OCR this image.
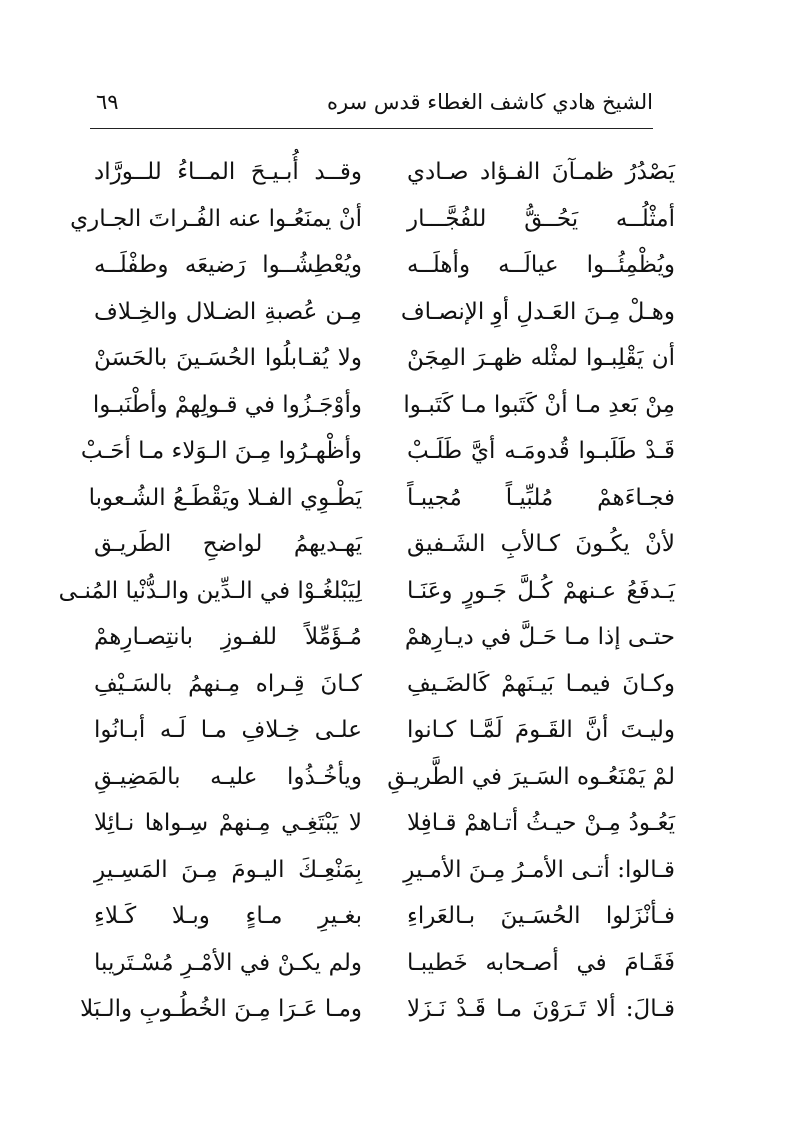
الشيخ هادي كاشف الغطاء قدس سره
٦٩
يَصْدُرُ ظمـآنَ الفـؤاد صـادي
وقــد أُبـيـحَ المــاءُ للــورَّاد
أمثْلُــه يَحُــقُّ للفُجَّـــار
أنْ يمنَعُـوا عنه الفُـراتَ الجـاري
ويُظْمِئُــوا عيالَــه وأهلَــه
ويُعْطِشُــوا رَضيعَه وطفْلَــه
وهـلْ مِـنَ العَـدلِ أوِ الإنصـاف
مِـن عُصبةِ الضـلال والخِـلاف
أن يَقْلِبـوا لمثْله ظهـرَ المِجَنْ
ولا يُقـابلُوا الحُسَـينَ بالحَسَنْ
مِنْ بَعدِ مـا أنْ كَتَبوا مـا كَتَبـوا
وأوْجَـزُوا في قـولِهمْ وأطْنَبـوا
قَـدْ طَلَبـوا قُدومَـه أيَّ طَلَـبْ
وأظْهـرُوا مِـنَ الـوَلاء مـا أحَـبْ
فجـاءَهمْ مُلبِّيـاً مُجيبـاً
يَطْـوِي الفـلا ويَقْطَـعُ الشُـعوبا
لأنْ يكُـونَ كـالأبِ الشَـفيق
يَهـديهمُ لواضحِ الطَريـق
يَـدفَعُ عـنهمْ كُـلَّ جَـورٍ وعَنَـا
لِيَبْلغُـوْا في الـدِّين والـدُّنْيا المُنـى
حتـى إذا مـا حَـلَّ في ديـارِهمْ
مُـؤَمِّلاً للفـوزِ بانتِصـارِهمْ
وكـانَ فيمـا بَيـنَهمْ كَالضَـيفِ
كـانَ قِـراه مِـنهمُ بالسَـيْفِ
وليـتَ أنَّ القَـومَ لَمَّـا كـانوا
علـى خِـلافِ مـا لَـه أبـانُوا
لمْ يَمْنَعُـوه السَـيرَ في الطَّريـقِ
ويأخُـذُوا عليـه بالمَضِيـقِ
يَعُـودُ مِـنْ حيـثُ أتـاهمْ قـافِلا
لا يَبْتَغِـي مِـنهمْ سِـواها نـائِلا
قـالوا: أتـى الأمـرُ مِـنَ الأمـيرِ
بِمَنْعِـكَ اليـومَ مِـنَ المَسِـيرِ
فـأنْزَلوا الحُسَـينَ بـالعَراءِ
بغـيرِ مـاءٍ وبـلا كَـلاءِ
فَقَـامَ في أصـحابه خَطيبـا
ولم يكـنْ في الأمْـرِ مُسْـتَريبا
قـالَ: ألا تَـرَوْنَ مـا قَـدْ نَـزَلا
ومـا عَـرَا مِـنَ الخُطُـوبِ والـبَلا
